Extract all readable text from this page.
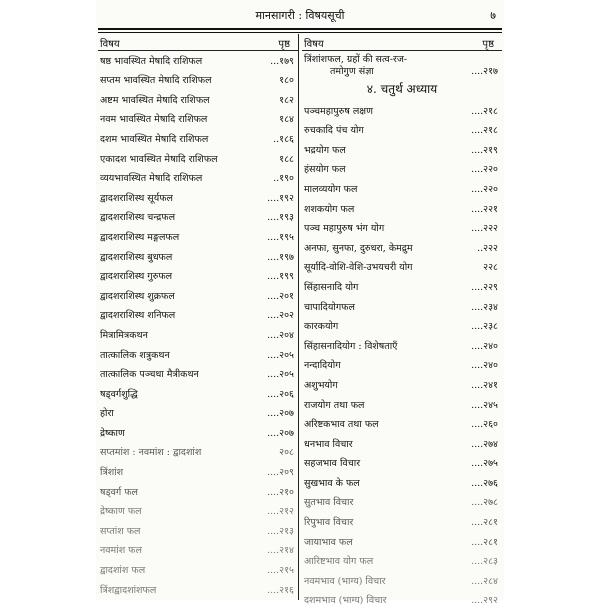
मानसागरी : विषयसूची	७
विषय	पृष्ठ
षष्ठ भावस्थित मेषादि राशिफल	...१७९
सप्तम भावस्थित मेषादि राशिफल	१८०
अष्टम भावस्थित मेषादि राशिफल	१८२
नवम भावस्थित मेषादि राशिफल	१८४
दशम भावस्थित मेषादि राशिफल	..१८६
एकादश भावस्थित मेषादि राशिफल	१८८
व्ययभावस्थित मेषादि राशिफल	..१९०
द्वादशराशिस्थ सूर्यफल	....१९२
द्वादशराशिस्थ चन्द्रफल	....१९३
द्वादशराशिस्थ मङ्गलफल	....१९५
द्वादशराशिस्थ बुधफल	....१९७
द्वादशराशिस्थ गुरुफल	....१९९
द्वादशराशिस्थ शुक्रफल	....२०१
द्वादशराशिस्थ शनिफल	....२०२
मित्रामित्रकथन	....२०४
तात्कालिक शत्रुकथन	....२०५
तात्कालिक पञ्चधा मैत्रीकथन	....२०५
षड्वर्गशुद्धि	....२०६
होरा	....२०७
द्रेष्काण	....२०७
सप्तमांश : नवमांश : द्वादशांश	२०८
त्रिंशांश	....२०९
षड्वर्ग फल	....२१०
द्रेष्काण फल	....२१२
सप्तांश फल	....२१३
नवमांश फल	....२१४
द्वादशांश फल	....२१५
त्रिंशद्वादशांशफल	....२१६
विषय	पृष्ठ
त्रिंशांशफल, ग्रहों की सत्व-रज-
तमोगुण संज्ञा	....२१७
४. चतुर्थ अध्याय
पञ्चमहापुरुष लक्षण	....२१८
रुचकादि पंच योग	....२१८
भद्रयोग फल	....२१९
हंसयोग फल	....२२०
मालव्ययोग फल	....२२०
शशकयोग फल	....२२१
पञ्च महापुरुष भंग योग	....२२२
अनफा, सुनफा, दुरुधरा, केमद्रुम	..२२२
सूर्यादि-वोशि-वेशि-उभयचरी योग	२२८
सिंहासनादि योग	....२२९
चापादियोगफल	....२३४
कारकयोग	....२३८
सिंहासनादियोग : विशेषताएँ	....२४०
नन्दादियोग	....२४०
अशुभयोग	....२४१
राजयोग तथा फल	....२४५
अरिष्टकभाव तथा फल	....२६०
धनभाव विचार	....२७४
सहजभाव विचार	....२७५
सुखभाव के फल	....२७६
सुतभाव विचार	....२७८
रिपुभाव विचार	....२८१
जायाभाव फल	....२८१
आरिष्टभाव योग फल	....२८३
नवमभाव (भाग्य) विचार	....२८४
दशमभाव (भाग्य) विचार	....२९२
